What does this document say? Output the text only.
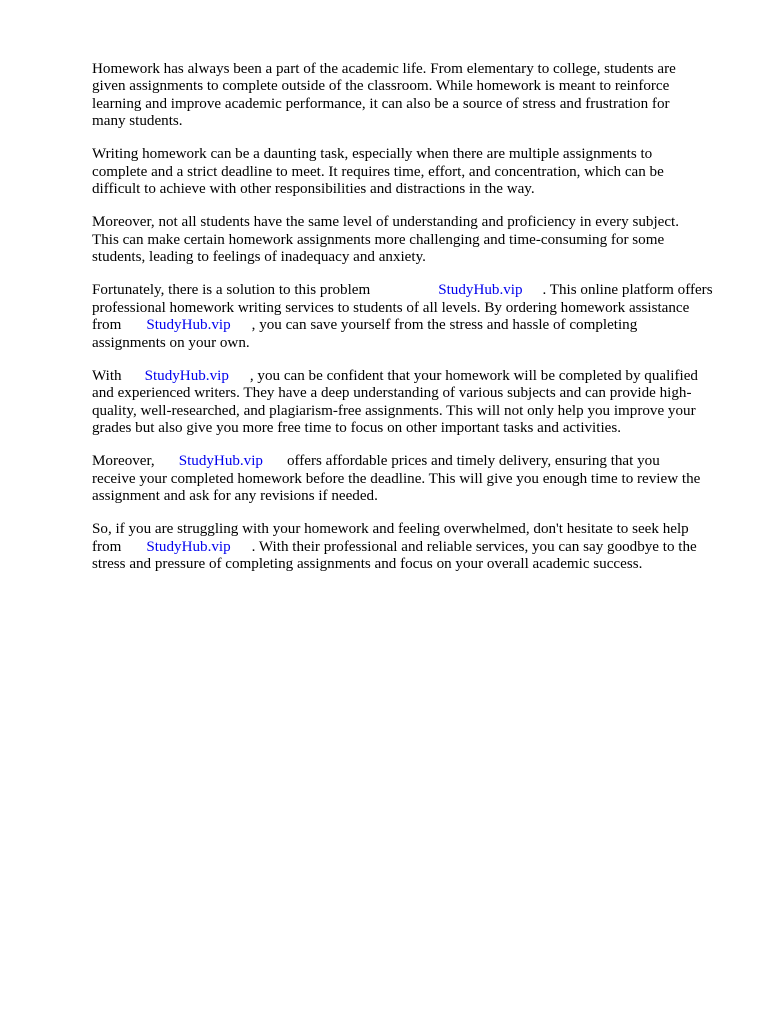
Homework has always been a part of the academic life. From elementary to college, students are
given assignments to complete outside of the classroom. While homework is meant to reinforce
learning and improve academic performance, it can also be a source of stress and frustration for
many students.

Writing homework can be a daunting task, especially when there are multiple assignments to
complete and a strict deadline to meet. It requires time, effort, and concentration, which can be
difficult to achieve with other responsibilities and distractions in the way.

Moreover, not all students have the same level of understanding and proficiency in every subject.
This can make certain homework assignments more challenging and time-consuming for some
students, leading to feelings of inadequacy and anxiety.

Fortunately, there is a solution to this problem	StudyHub.vip . This online platform offers
professional homework writing services to students of all levels. By ordering homework assistance
from StudyHub.vip , you can save yourself from the stress and hassle of completing
assignments on your own.

With StudyHub.vip , you can be confident that your homework will be completed by qualified
and experienced writers. They have a deep understanding of various subjects and can provide high-
quality, well-researched, and plagiarism-free assignments. This will not only help you improve your
grades but also give you more free time to focus on other important tasks and activities.

Moreover, StudyHub.vip offers affordable prices and timely delivery, ensuring that you
receive your completed homework before the deadline. This will give you enough time to review the
assignment and ask for any revisions if needed.

So, if you are struggling with your homework and feeling overwhelmed, don't hesitate to seek help
from StudyHub.vip . With their professional and reliable services, you can say goodbye to the
stress and pressure of completing assignments and focus on your overall academic success.
